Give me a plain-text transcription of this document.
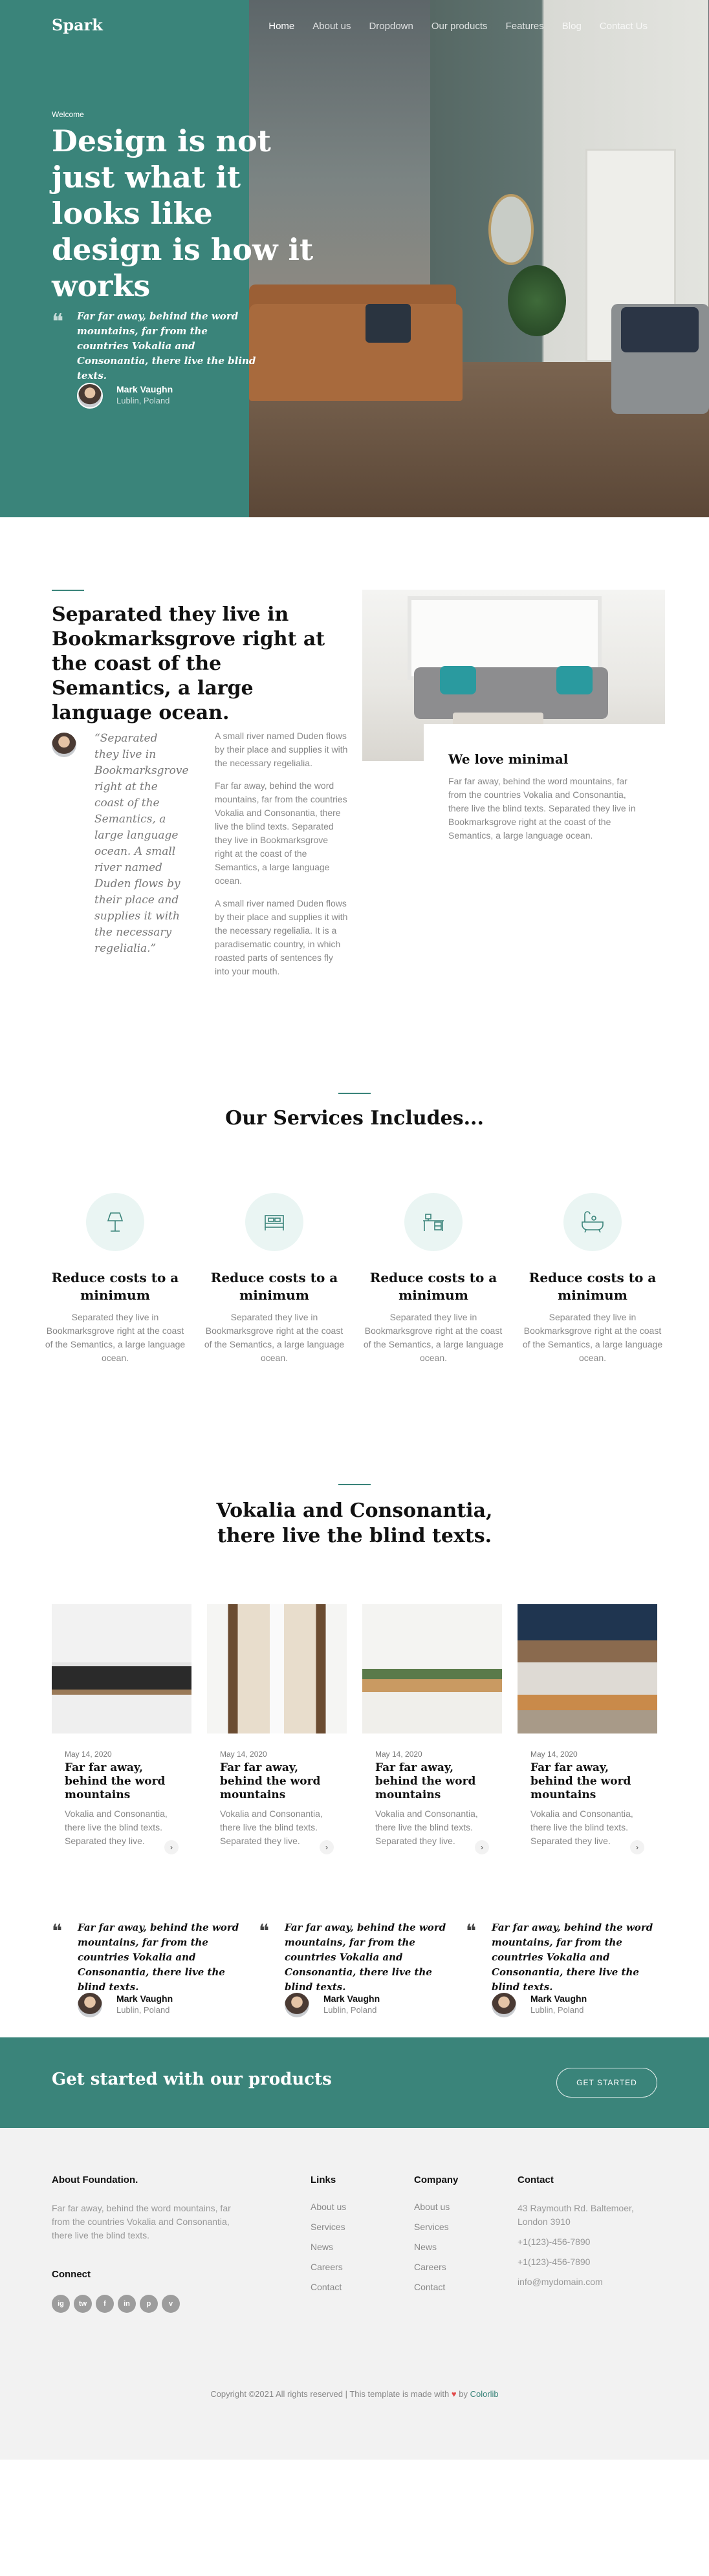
Spark	Home About us Dropdown Our products Features Blog Contact Us
Welcome
Design is not just what it looks like design is how it works
❝ Far far away, behind the word mountains, far from the countries Vokalia and Consonantia, there live the blind texts.

Mark Vaughn
Lublin, Poland
Separated they live in Bookmarksgrove right at the coast of the Semantics, a large language ocean.

“Separated they live in Bookmarksgrove right at the coast of the Semantics, a large language ocean. A small river named Duden flows by their place and supplies it with the necessary regelialia.”

A small river named Duden flows by their place and supplies it with the necessary regelialia.

Far far away, behind the word mountains, far from the countries Vokalia and Consonantia, there live the blind texts. Separated they live in Bookmarksgrove right at the coast of the Semantics, a large language ocean.

A small river named Duden flows by their place and supplies it with the necessary regelialia. It is a paradisematic country, in which roasted parts of sentences fly into your mouth.

We love minimal
Far far away, behind the word mountains, far from the countries Vokalia and Consonantia, there live the blind texts. Separated they live in Bookmarksgrove right at the coast of the Semantics, a large language ocean.
Our Services Includes...
Reduce costs to a minimum
Separated they live in Bookmarksgrove right at the coast of the Semantics, a large language ocean.
Reduce costs to a minimum
Separated they live in Bookmarksgrove right at the coast of the Semantics, a large language ocean.
Reduce costs to a minimum
Separated they live in Bookmarksgrove right at the coast of the Semantics, a large language ocean.
Reduce costs to a minimum
Separated they live in Bookmarksgrove right at the coast of the Semantics, a large language ocean.
Vokalia and Consonantia, there live the blind texts.
May 14, 2020
Far far away, behind the word mountains
Vokalia and Consonantia, there live the blind texts. Separated they live.
›
May 14, 2020
Far far away, behind the word mountains
Vokalia and Consonantia, there live the blind texts. Separated they live.
›
May 14, 2020
Far far away, behind the word mountains
Vokalia and Consonantia, there live the blind texts. Separated they live.
›
May 14, 2020
Far far away, behind the word mountains
Vokalia and Consonantia, there live the blind texts. Separated they live.
›
❝ Far far away, behind the word mountains, far from the countries Vokalia and Consonantia, there live the blind texts.

Mark Vaughn
Lublin, Poland
❝ Far far away, behind the word mountains, far from the countries Vokalia and Consonantia, there live the blind texts.

Mark Vaughn
Lublin, Poland
❝ Far far away, behind the word mountains, far from the countries Vokalia and Consonantia, there live the blind texts.

Mark Vaughn
Lublin, Poland
Get started with our products	GET STARTED
About Foundation.

Far far away, behind the word mountains, far from the countries Vokalia and Consonantia, there live the blind texts.

Connect
ig	tw	f	in	p	v
Links
About us
Services
News
Careers
Contact
Company
About us
Services
News
Careers
Contact
Contact
43 Raymouth Rd. Baltemoer, London 3910
+1(123)-456-7890
+1(123)-456-7890
info@mydomain.com
Copyright ©2021 All rights reserved | This template is made with ♥ by Colorlib
